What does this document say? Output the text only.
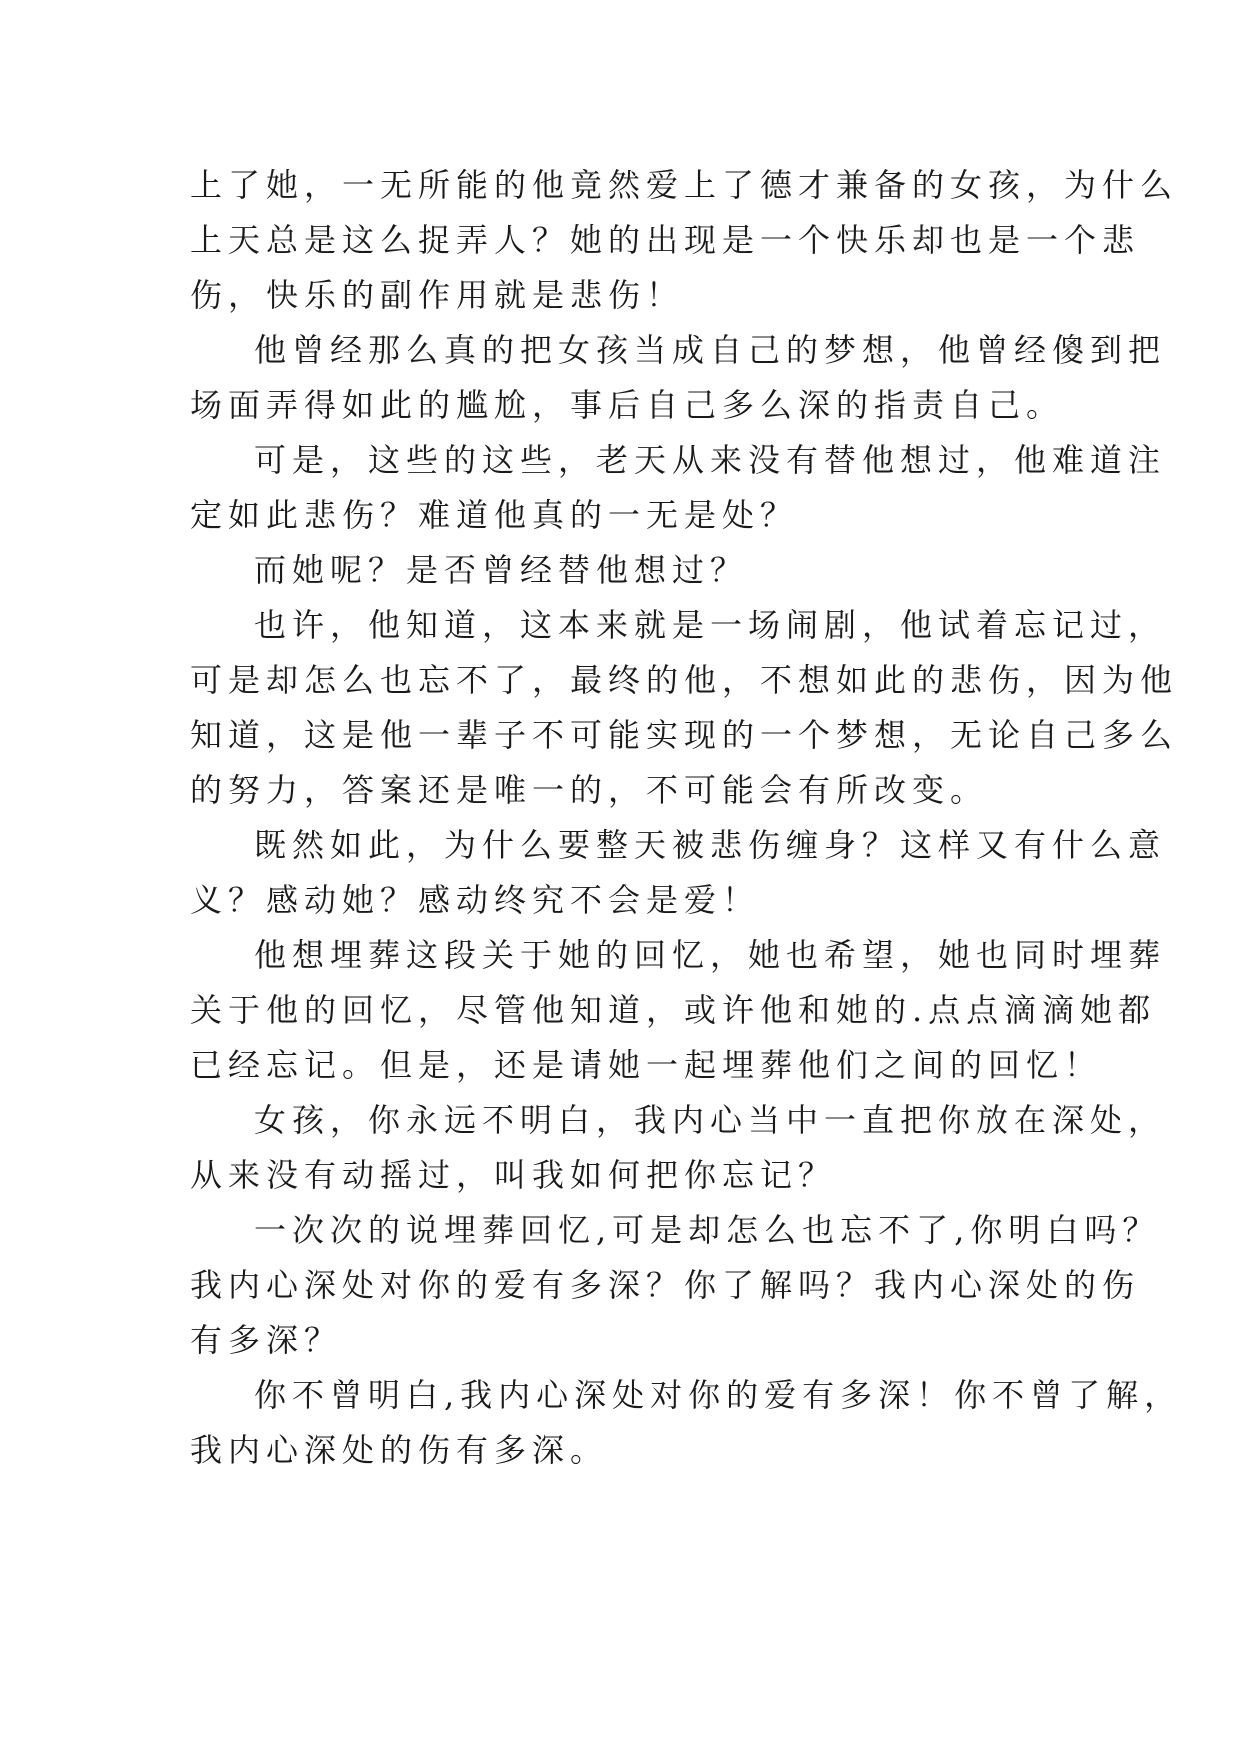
上了她，一无所能的他竟然爱上了德才兼备的女孩，为什么
上天总是这么捉弄人？她的出现是一个快乐却也是一个悲
伤，快乐的副作用就是悲伤！

他曾经那么真的把女孩当成自己的梦想，他曾经傻到把
场面弄得如此的尴尬，事后自己多么深的指责自己。

可是，这些的这些，老天从来没有替他想过，他难道注
定如此悲伤？难道他真的一无是处？

而她呢？是否曾经替他想过？

也许，他知道，这本来就是一场闹剧，他试着忘记过，
可是却怎么也忘不了，最终的他，不想如此的悲伤，因为他
知道，这是他一辈子不可能实现的一个梦想，无论自己多么
的努力，答案还是唯一的，不可能会有所改变。

既然如此，为什么要整天被悲伤缠身？这样又有什么意
义？感动她？感动终究不会是爱！

他想埋葬这段关于她的回忆，她也希望，她也同时埋葬
关于他的回忆，尽管他知道，或许他和她的.点点滴滴她都
已经忘记。但是，还是请她一起埋葬他们之间的回忆！

女孩，你永远不明白，我内心当中一直把你放在深处，
从来没有动摇过，叫我如何把你忘记？

一次次的说埋葬回忆,可是却怎么也忘不了,你明白吗？
我内心深处对你的爱有多深？你了解吗？我内心深处的伤
有多深？

你不曾明白,我内心深处对你的爱有多深！你不曾了解，
我内心深处的伤有多深。
